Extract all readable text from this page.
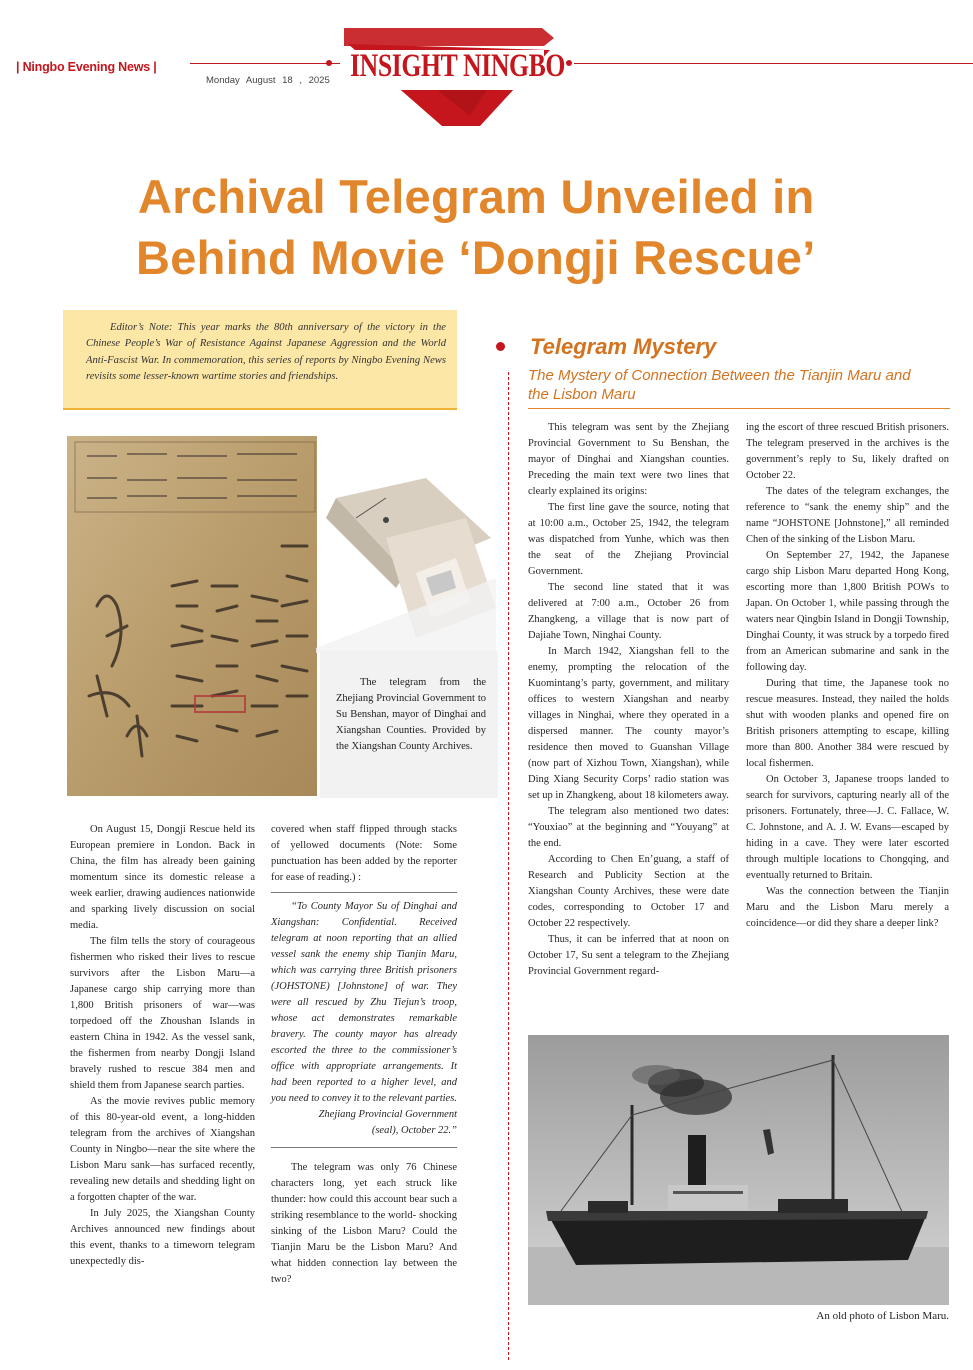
| Ningbo Evening News |
Monday August 18 , 2025 INSIGHT NINGBO
Archival Telegram Unveiled in
Behind Movie ‘Dongji Rescue’
Editor’s Note: This year marks the 80th anniversary of the victory in the Chinese People’s War of Resistance Against Japanese Aggression and the World Anti-Fascist War. In commemoration, this series of reports by Ningbo Evening News revisits some lesser-known wartime stories and friendships.
The telegram from the Zhejiang Provincial Government to Su Benshan, mayor of Dinghai and Xiangshan Counties. Provided by the Xiangshan County Archives.

On August 15, Dongji Rescue held its European premiere in London. Back in China, the film has already been gaining momentum since its domestic release a week earlier, drawing audiences nationwide and sparking lively discussion on social media.

The film tells the story of courageous fishermen who risked their lives to rescue survivors after the Lisbon Maru—a Japanese cargo ship carrying more than 1,800 British prisoners of war—was torpedoed off the Zhoushan Islands in eastern China in 1942. As the vessel sank, the fishermen from nearby Dongji Island bravely rushed to rescue 384 men and shield them from Japanese search parties.

As the movie revives public memory of this 80-year-old event, a long-hidden telegram from the archives of Xiangshan County in Ningbo—near the site where the Lisbon Maru sank—has surfaced recently, revealing new details and shedding light on a forgotten chapter of the war.

In July 2025, the Xiangshan County Archives announced new findings about this event, thanks to a timeworn telegram unexpectedly dis-

covered when staff flipped through stacks of yellowed documents (Note: Some punctuation has been added by the reporter for ease of reading.) :

“To County Mayor Su of Dinghai and Xiangshan: Confidential. Received telegram at noon reporting that an allied vessel sank the enemy ship Tianjin Maru, which was carrying three British prisoners (JOHSTONE) [Johnstone] of war. They were all rescued by Zhu Tiejun’s troop, whose act demonstrates remarkable bravery. The county mayor has already escorted the three to the commissioner’s office with appropriate arrangements. It had been reported to a higher level, and you need to convey it to the relevant parties.

Zhejiang Provincial Government (seal), October 22.”

The telegram was only 76 Chinese characters long, yet each struck like thunder: how could this account bear such a striking resemblance to the world- shocking sinking of the Lisbon Maru? Could the Tianjin Maru be the Lisbon Maru? And what hidden connection lay between the two?

Telegram Mystery
The Mystery of Connection Between the Tianjin Maru and the Lisbon Maru

This telegram was sent by the Zhejiang Provincial Government to Su Benshan, the mayor of Dinghai and Xiangshan counties. Preceding the main text were two lines that clearly explained its origins:

The first line gave the source, noting that at 10:00 a.m., October 25, 1942, the telegram was dispatched from Yunhe, which was then the seat of the Zhejiang Provincial Government.

The second line stated that it was delivered at 7:00 a.m., October 26 from Zhangkeng, a village that is now part of Dajiahe Town, Ninghai County.

In March 1942, Xiangshan fell to the enemy, prompting the relocation of the Kuomintang’s party, government, and military offices to western Xiangshan and nearby villages in Ninghai, where they operated in a dispersed manner. The county mayor’s residence then moved to Guanshan Village (now part of Xizhou Town, Xiangshan), while Ding Xiang Security Corps’ radio station was set up in Zhangkeng, about 18 kilometers away.

The telegram also mentioned two dates: “Youxiao” at the beginning and “Youyang” at the end.

According to Chen En’guang, a staff of Research and Publicity Section at the Xiangshan County Archives, these were date codes, corresponding to October 17 and October 22 respectively.

Thus, it can be inferred that at noon on October 17, Su sent a telegram to the Zhejiang Provincial Government regard-

ing the escort of three rescued British prisoners. The telegram preserved in the archives is the government’s reply to Su, likely drafted on October 22.

The dates of the telegram exchanges, the reference to “sank the enemy ship” and the name “JOHSTONE [Johnstone],” all reminded Chen of the sinking of the Lisbon Maru.

On September 27, 1942, the Japanese cargo ship Lisbon Maru departed Hong Kong, escorting more than 1,800 British POWs to Japan. On October 1, while passing through the waters near Qingbin Island in Dongji Township, Dinghai County, it was struck by a torpedo fired from an American submarine and sank in the following day.

During that time, the Japanese took no rescue measures. Instead, they nailed the holds shut with wooden planks and opened fire on British prisoners attempting to escape, killing more than 800. Another 384 were rescued by local fishermen.

On October 3, Japanese troops landed to search for survivors, capturing nearly all of the prisoners. Fortunately, three—J. C. Fallace, W. C. Johnstone, and A. J. W. Evans—escaped by hiding in a cave. They were later escorted through multiple locations to Chongqing, and eventually returned to Britain.

Was the connection between the Tianjin Maru and the Lisbon Maru merely a coincidence—or did they share a deeper link?

An old photo of Lisbon Maru.
